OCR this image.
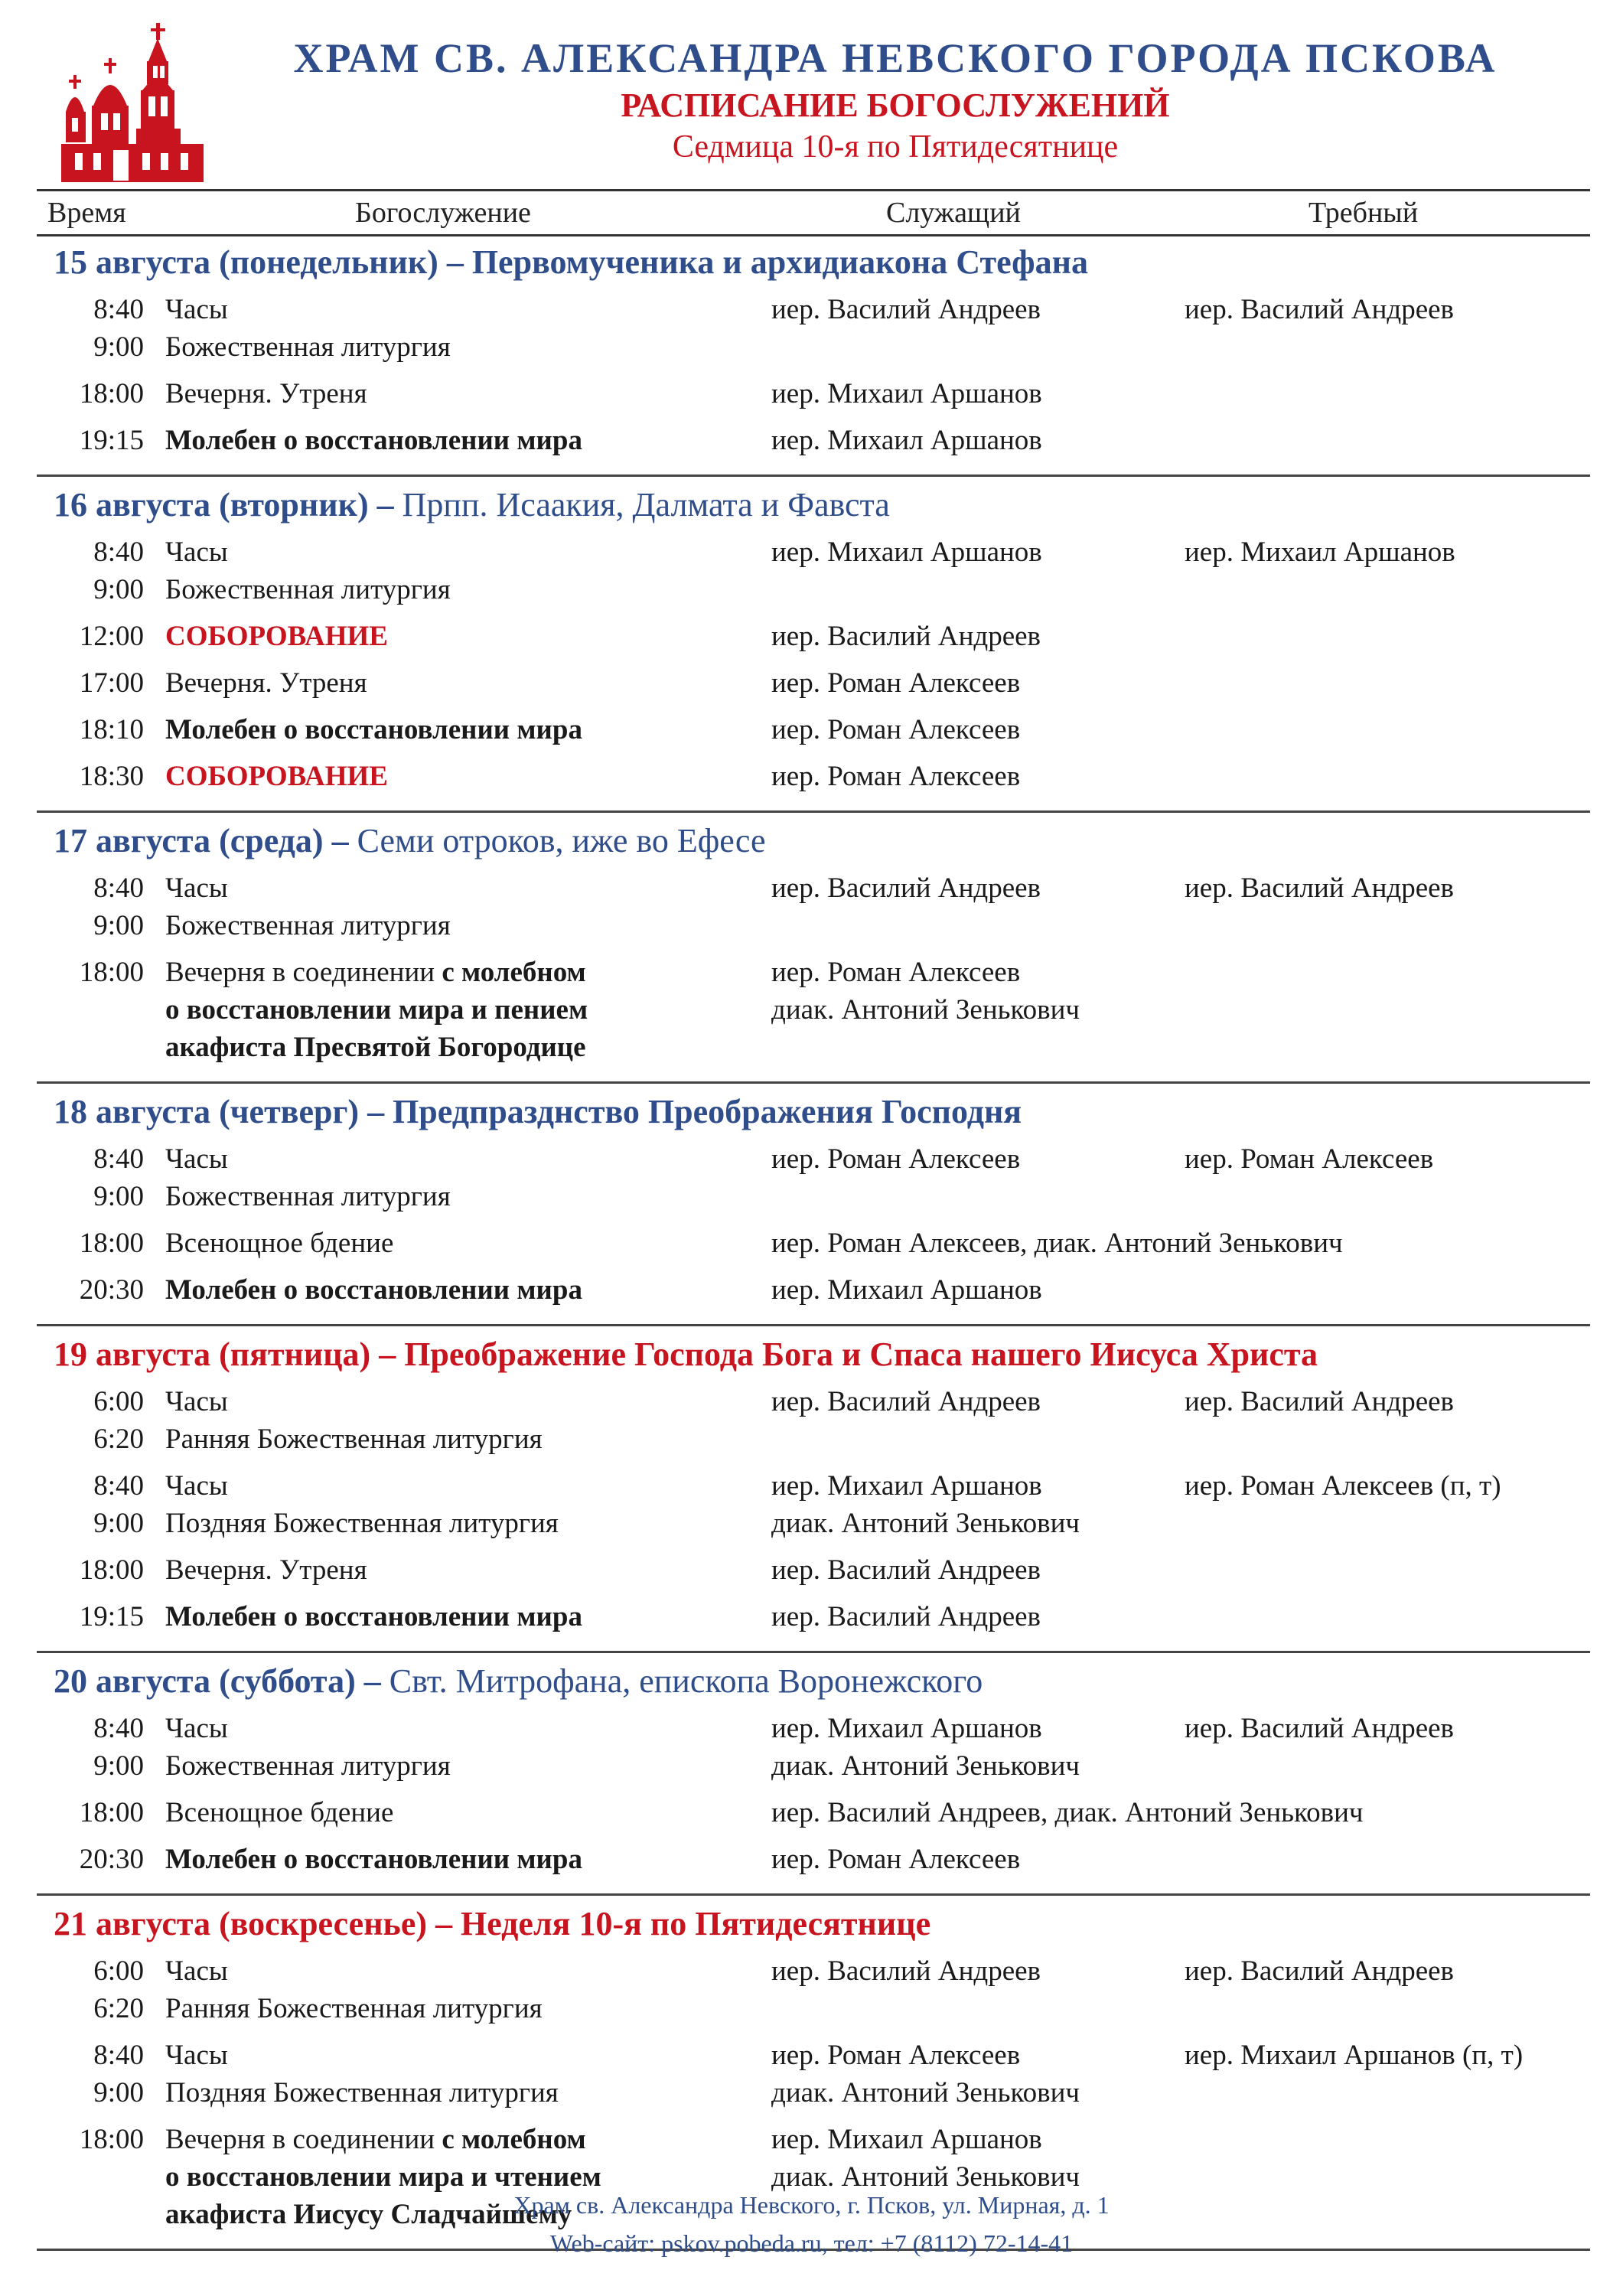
ХРАМ СВ. АЛЕКСАНДРА НЕВСКОГО ГОРОДА ПСКОВА
РАСПИСАНИЕ БОГОСЛУЖЕНИЙ
Седмица 10-я по Пятидесятнице
Время	Богослужение	Служащий	Требный
15 августа (понедельник) – Первомученика и архидиакона Стефана
8:40 Часы	иер. Василий Андреев	иер. Василий Андреев
9:00 Божественная литургия
18:00 Вечерня. Утреня	иер. Михаил Аршанов
19:15 Молебен о восстановлении мира	иер. Михаил Аршанов
16 августа (вторник) – Прпп. Исаакия, Далмата и Фавста
8:40 Часы	иер. Михаил Аршанов	иер. Михаил Аршанов
9:00 Божественная литургия
12:00 СОБОРОВАНИЕ	иер. Василий Андреев
17:00 Вечерня. Утреня	иер. Роман Алексеев
18:10 Молебен о восстановлении мира	иер. Роман Алексеев
18:30 СОБОРОВАНИЕ	иер. Роман Алексеев
17 августа (среда) – Семи отроков, иже во Ефесе
8:40 Часы	иер. Василий Андреев	иер. Василий Андреев
9:00 Божественная литургия
18:00 Вечерня в соединении с молебном	иер. Роман Алексеев
о восстановлении мира и пением	диак. Антоний Зенькович
акафиста Пресвятой Богородице
18 августа (четверг) – Предпразднство Преображения Господня
8:40 Часы	иер. Роман Алексеев	иер. Роман Алексеев
9:00 Божественная литургия
18:00 Всенощное бдение	иер. Роман Алексеев, диак. Антоний Зенькович
20:30 Молебен о восстановлении мира	иер. Михаил Аршанов
19 августа (пятница) – Преображение Господа Бога и Спаса нашего Иисуса Христа
6:00 Часы	иер. Василий Андреев	иер. Василий Андреев
6:20 Ранняя Божественная литургия
8:40 Часы	иер. Михаил Аршанов	иер. Роман Алексеев (п, т)
9:00 Поздняя Божественная литургия	диак. Антоний Зенькович
18:00 Вечерня. Утреня	иер. Василий Андреев
19:15 Молебен о восстановлении мира	иер. Василий Андреев
20 августа (суббота) – Свт. Митрофана, епископа Воронежского
8:40 Часы	иер. Михаил Аршанов	иер. Василий Андреев
9:00 Божественная литургия	диак. Антоний Зенькович
18:00 Всенощное бдение	иер. Василий Андреев, диак. Антоний Зенькович
20:30 Молебен о восстановлении мира	иер. Роман Алексеев
21 августа (воскресенье) – Неделя 10-я по Пятидесятнице
6:00 Часы	иер. Василий Андреев	иер. Василий Андреев
6:20 Ранняя Божественная литургия
8:40 Часы	иер. Роман Алексеев	иер. Михаил Аршанов (п, т)
9:00 Поздняя Божественная литургия	диак. Антоний Зенькович
18:00 Вечерня в соединении с молебном	иер. Михаил Аршанов
о восстановлении мира и чтением	диак. Антоний Зенькович
акафиста Иисусу Сладчайшему
Храм св. Александра Невского, г. Псков, ул. Мирная, д. 1
Web-сайт: pskov.pobeda.ru, тел: +7 (8112) 72-14-41
